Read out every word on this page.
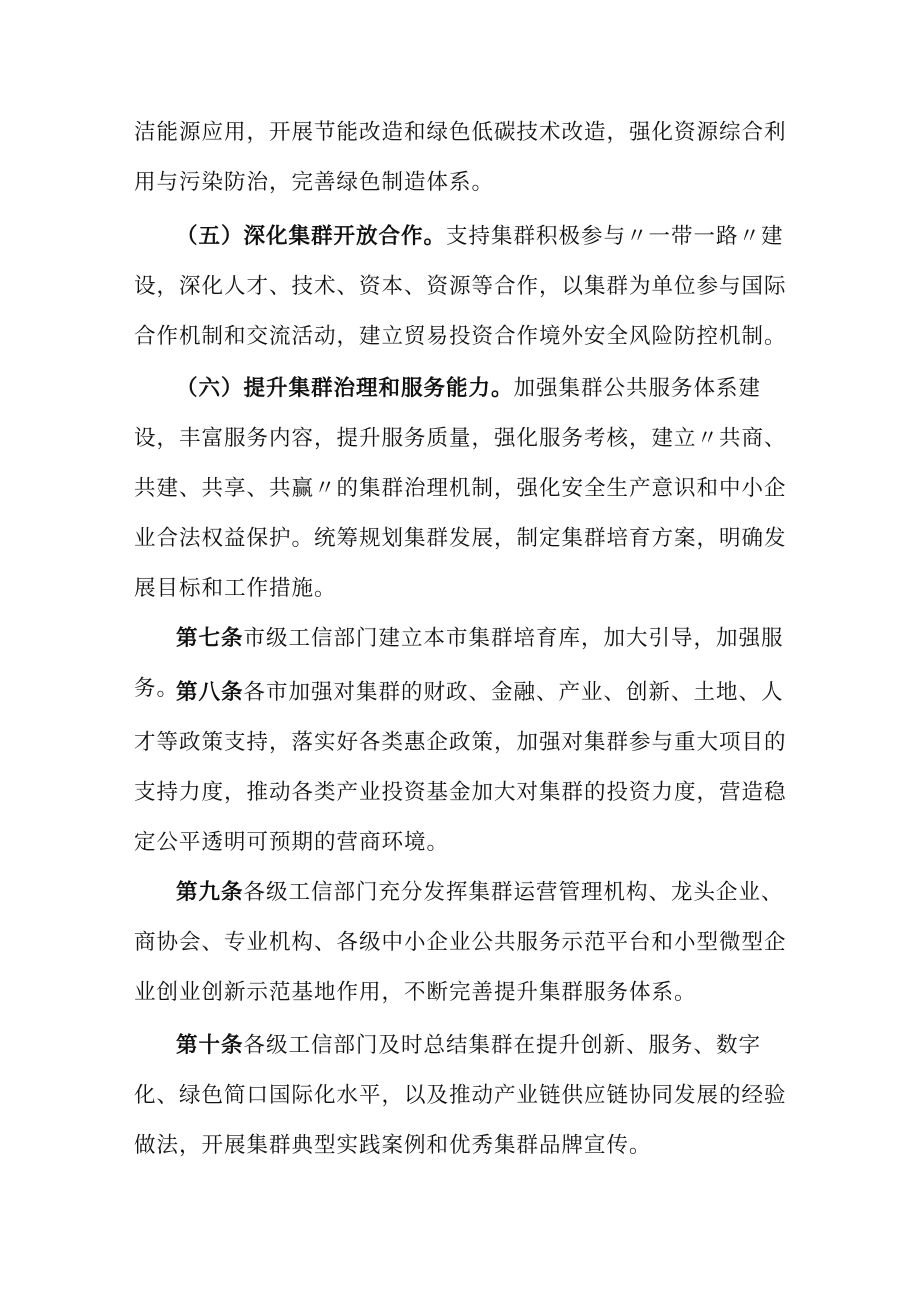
洁能源应用，开展节能改造和绿色低碳技术改造，强化资源综合利用与污染防治，完善绿色制造体系。

（五）深化集群开放合作。支持集群积极参与〃一带一路〃建设，深化人才、技术、资本、资源等合作，以集群为单位参与国际合作机制和交流活动，建立贸易投资合作境外安全风险防控机制。

（六）提升集群治理和服务能力。加强集群公共服务体系建设，丰富服务内容，提升服务质量，强化服务考核，建立〃共商、共建、共享、共赢〃的集群治理机制，强化安全生产意识和中小企业合法权益保护。统筹规划集群发展，制定集群培育方案，明确发展目标和工作措施。

第七条市级工信部门建立本市集群培育库，加大引导，加强服务。

第八条各市加强对集群的财政、金融、产业、创新、土地、人才等政策支持，落实好各类惠企政策，加强对集群参与重大项目的支持力度，推动各类产业投资基金加大对集群的投资力度，营造稳定公平透明可预期的营商环境。

第九条各级工信部门充分发挥集群运营管理机构、龙头企业、商协会、专业机构、各级中小企业公共服务示范平台和小型微型企业创业创新示范基地作用，不断完善提升集群服务体系。

第十条各级工信部门及时总结集群在提升创新、服务、数字化、绿色简口国际化水平，以及推动产业链供应链协同发展的经验做法，开展集群典型实践案例和优秀集群品牌宣传。
